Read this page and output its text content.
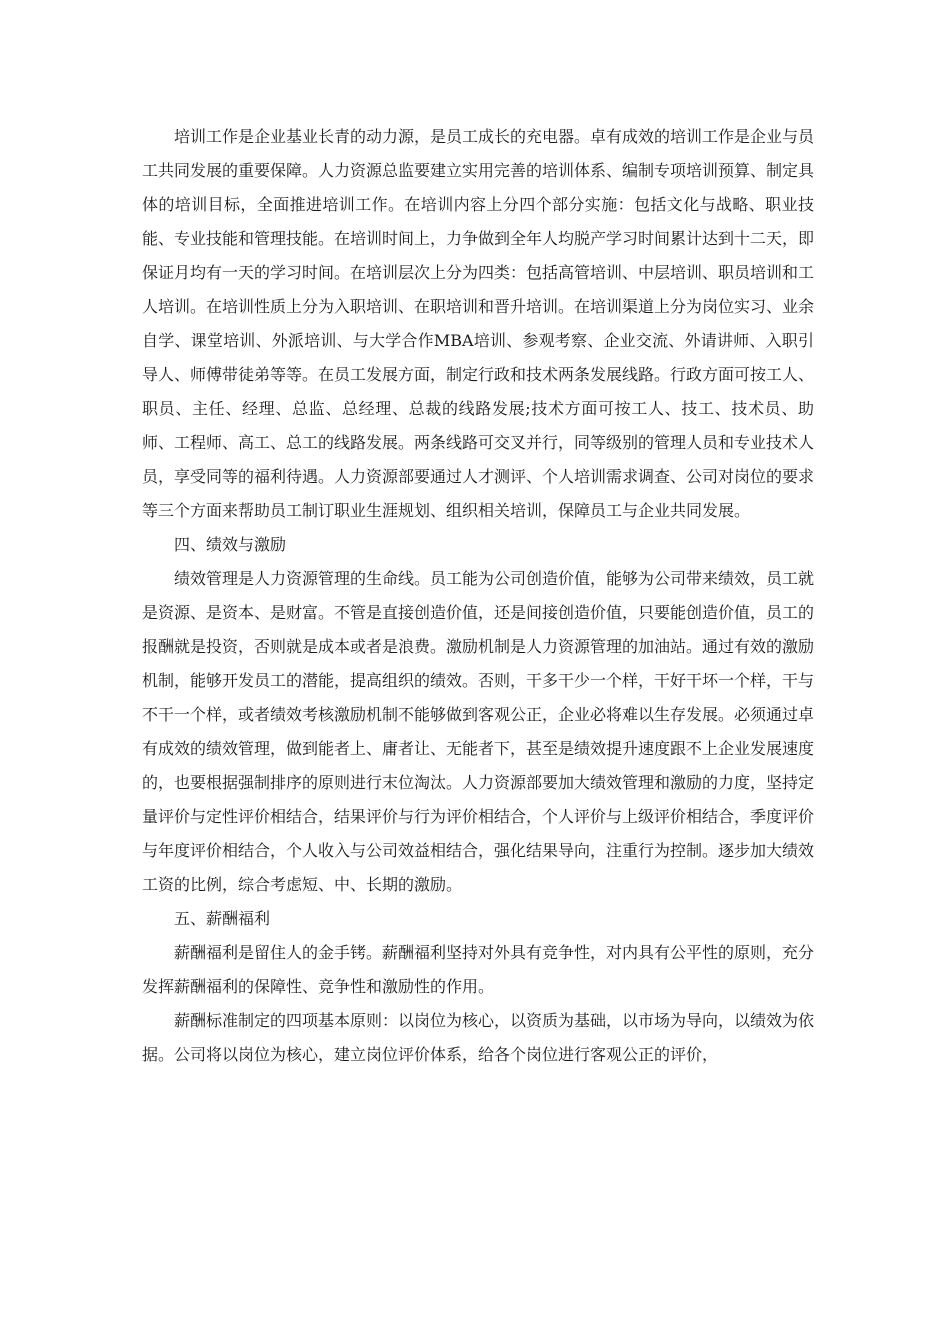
培训工作是企业基业长青的动力源，是员工成长的充电器。卓有成效的培训工作是企业与员工共同发展的重要保障。人力资源总监要建立实用完善的培训体系、编制专项培训预算、制定具体的培训目标，全面推进培训工作。在培训内容上分四个部分实施：包括文化与战略、职业技能、专业技能和管理技能。在培训时间上，力争做到全年人均脱产学习时间累计达到十二天，即保证月均有一天的学习时间。在培训层次上分为四类：包括高管培训、中层培训、职员培训和工人培训。在培训性质上分为入职培训、在职培训和晋升培训。在培训渠道上分为岗位实习、业余自学、课堂培训、外派培训、与大学合作MBA培训、参观考察、企业交流、外请讲师、入职引导人、师傅带徒弟等等。在员工发展方面，制定行政和技术两条发展线路。行政方面可按工人、职员、主任、经理、总监、总经理、总裁的线路发展;技术方面可按工人、技工、技术员、助师、工程师、高工、总工的线路发展。两条线路可交叉并行，同等级别的管理人员和专业技术人员，享受同等的福利待遇。人力资源部要通过人才测评、个人培训需求调查、公司对岗位的要求等三个方面来帮助员工制订职业生涯规划、组织相关培训，保障员工与企业共同发展。

四、绩效与激励

绩效管理是人力资源管理的生命线。员工能为公司创造价值，能够为公司带来绩效，员工就是资源、是资本、是财富。不管是直接创造价值，还是间接创造价值，只要能创造价值，员工的报酬就是投资，否则就是成本或者是浪费。激励机制是人力资源管理的加油站。通过有效的激励机制，能够开发员工的潜能，提高组织的绩效。否则，干多干少一个样，干好干坏一个样，干与不干一个样，或者绩效考核激励机制不能够做到客观公正，企业必将难以生存发展。必须通过卓有成效的绩效管理，做到能者上、庸者让、无能者下，甚至是绩效提升速度跟不上企业发展速度的，也要根据强制排序的原则进行末位淘汰。人力资源部要加大绩效管理和激励的力度，坚持定量评价与定性评价相结合，结果评价与行为评价相结合，个人评价与上级评价相结合，季度评价与年度评价相结合，个人收入与公司效益相结合，强化结果导向，注重行为控制。逐步加大绩效工资的比例，综合考虑短、中、长期的激励。

五、薪酬福利

薪酬福利是留住人的金手铐。薪酬福利坚持对外具有竞争性，对内具有公平性的原则，充分发挥薪酬福利的保障性、竞争性和激励性的作用。

薪酬标准制定的四项基本原则：以岗位为核心，以资质为基础，以市场为导向，以绩效为依据。公司将以岗位为核心，建立岗位评价体系，给各个岗位进行客观公正的评价，
